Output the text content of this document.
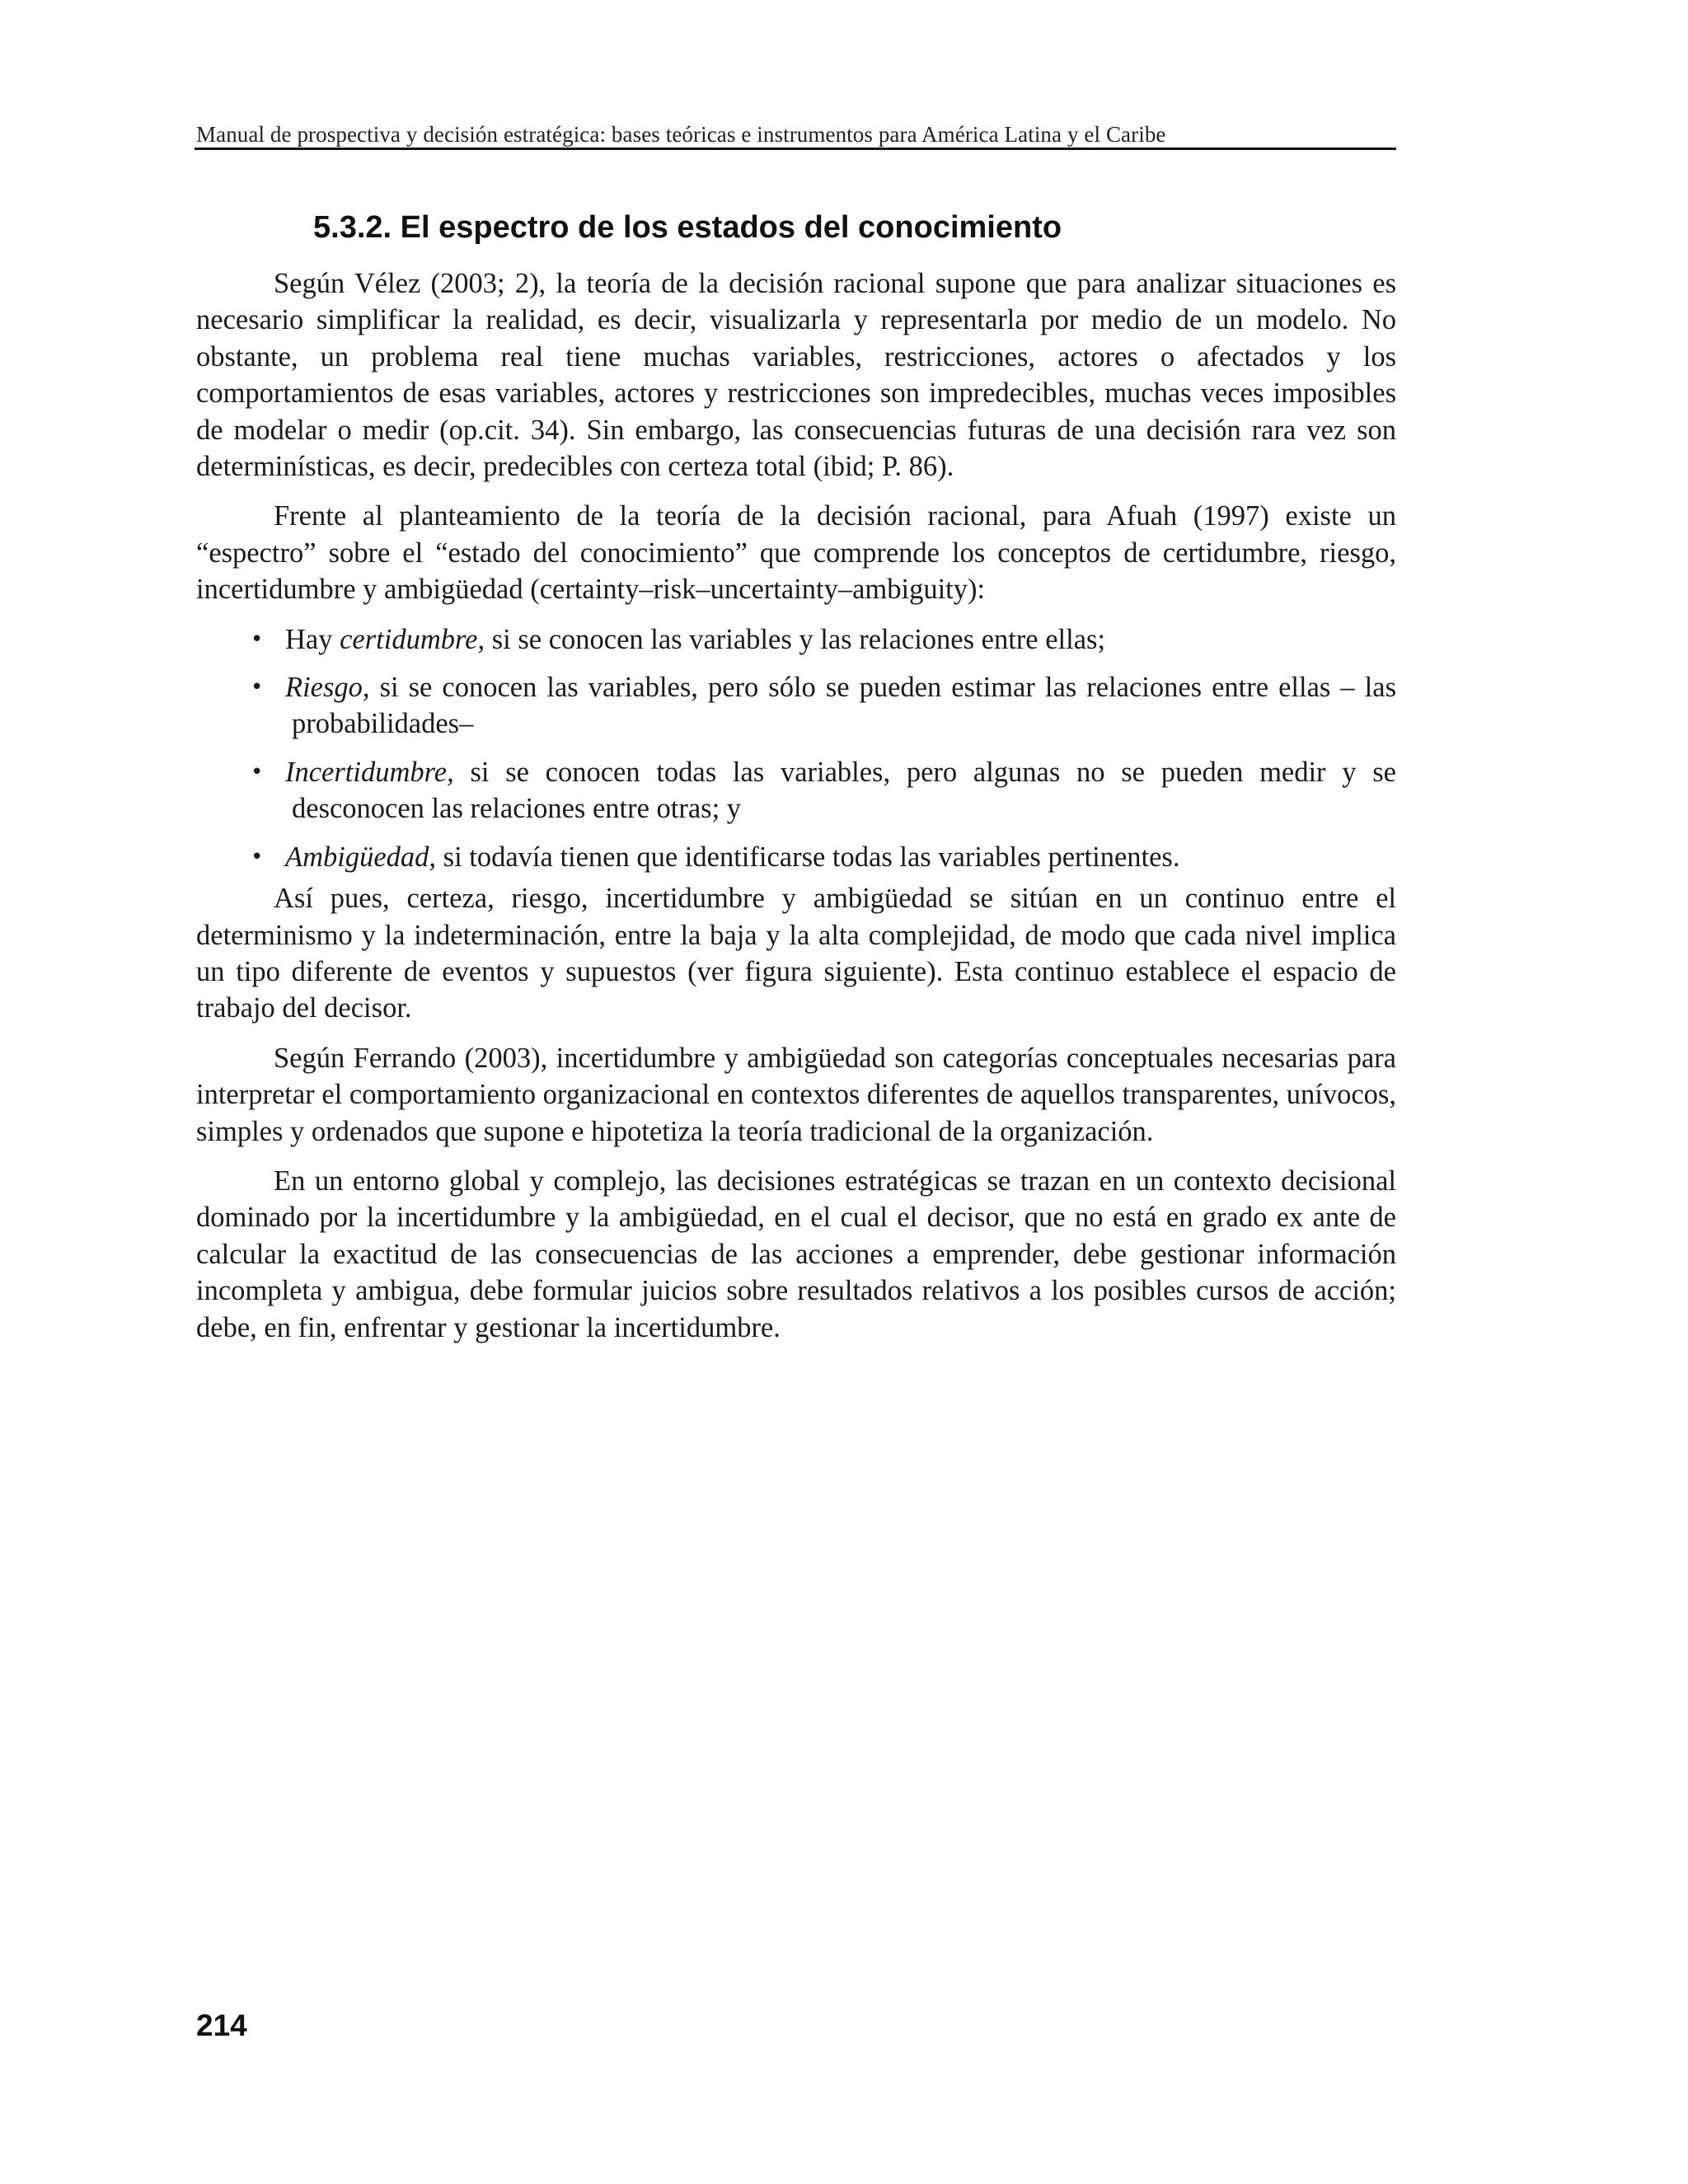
Manual de prospectiva y decisión estratégica: bases teóricas e instrumentos para América Latina y el Caribe
5.3.2. El espectro de los estados del conocimiento

Según Vélez (2003; 2), la teoría de la decisión racional supone que para analizar situaciones es necesario simplificar la realidad, es decir, visualizarla y representarla por medio de un modelo. No obstante, un problema real tiene muchas variables, restricciones, actores o afectados y los comportamientos de esas variables, actores y restricciones son impredecibles, muchas veces imposibles de modelar o medir (op.cit. 34). Sin embargo, las consecuencias futuras de una decisión rara vez son determinísticas, es decir, predecibles con certeza total (ibid; P. 86).

Frente al planteamiento de la teoría de la decisión racional, para Afuah (1997) existe un “espectro” sobre el “estado del conocimiento” que comprende los conceptos de certidumbre, riesgo, incertidumbre y ambigüedad (certainty–risk–uncertainty–ambiguity):

• Hay certidumbre, si se conocen las variables y las relaciones entre ellas;
• Riesgo, si se conocen las variables, pero sólo se pueden estimar las relaciones entre ellas – las probabilidades–
• Incertidumbre, si se conocen todas las variables, pero algunas no se pueden medir y se desconocen las relaciones entre otras; y
• Ambigüedad, si todavía tienen que identificarse todas las variables pertinentes.

Así pues, certeza, riesgo, incertidumbre y ambigüedad se sitúan en un continuo entre el determinismo y la indeterminación, entre la baja y la alta complejidad, de modo que cada nivel implica un tipo diferente de eventos y supuestos (ver figura siguiente). Esta continuo establece el espacio de trabajo del decisor.

Según Ferrando (2003), incertidumbre y ambigüedad son categorías conceptuales necesarias para interpretar el comportamiento organizacional en contextos diferentes de aquellos transparentes, unívocos, simples y ordenados que supone e hipotetiza la teoría tradicional de la organización.

En un entorno global y complejo, las decisiones estratégicas se trazan en un contexto decisional dominado por la incertidumbre y la ambigüedad, en el cual el decisor, que no está en grado ex ante de calcular la exactitud de las consecuencias de las acciones a emprender, debe gestionar información incompleta y ambigua, debe formular juicios sobre resultados relativos a los posibles cursos de acción; debe, en fin, enfrentar y gestionar la incertidumbre.

214
